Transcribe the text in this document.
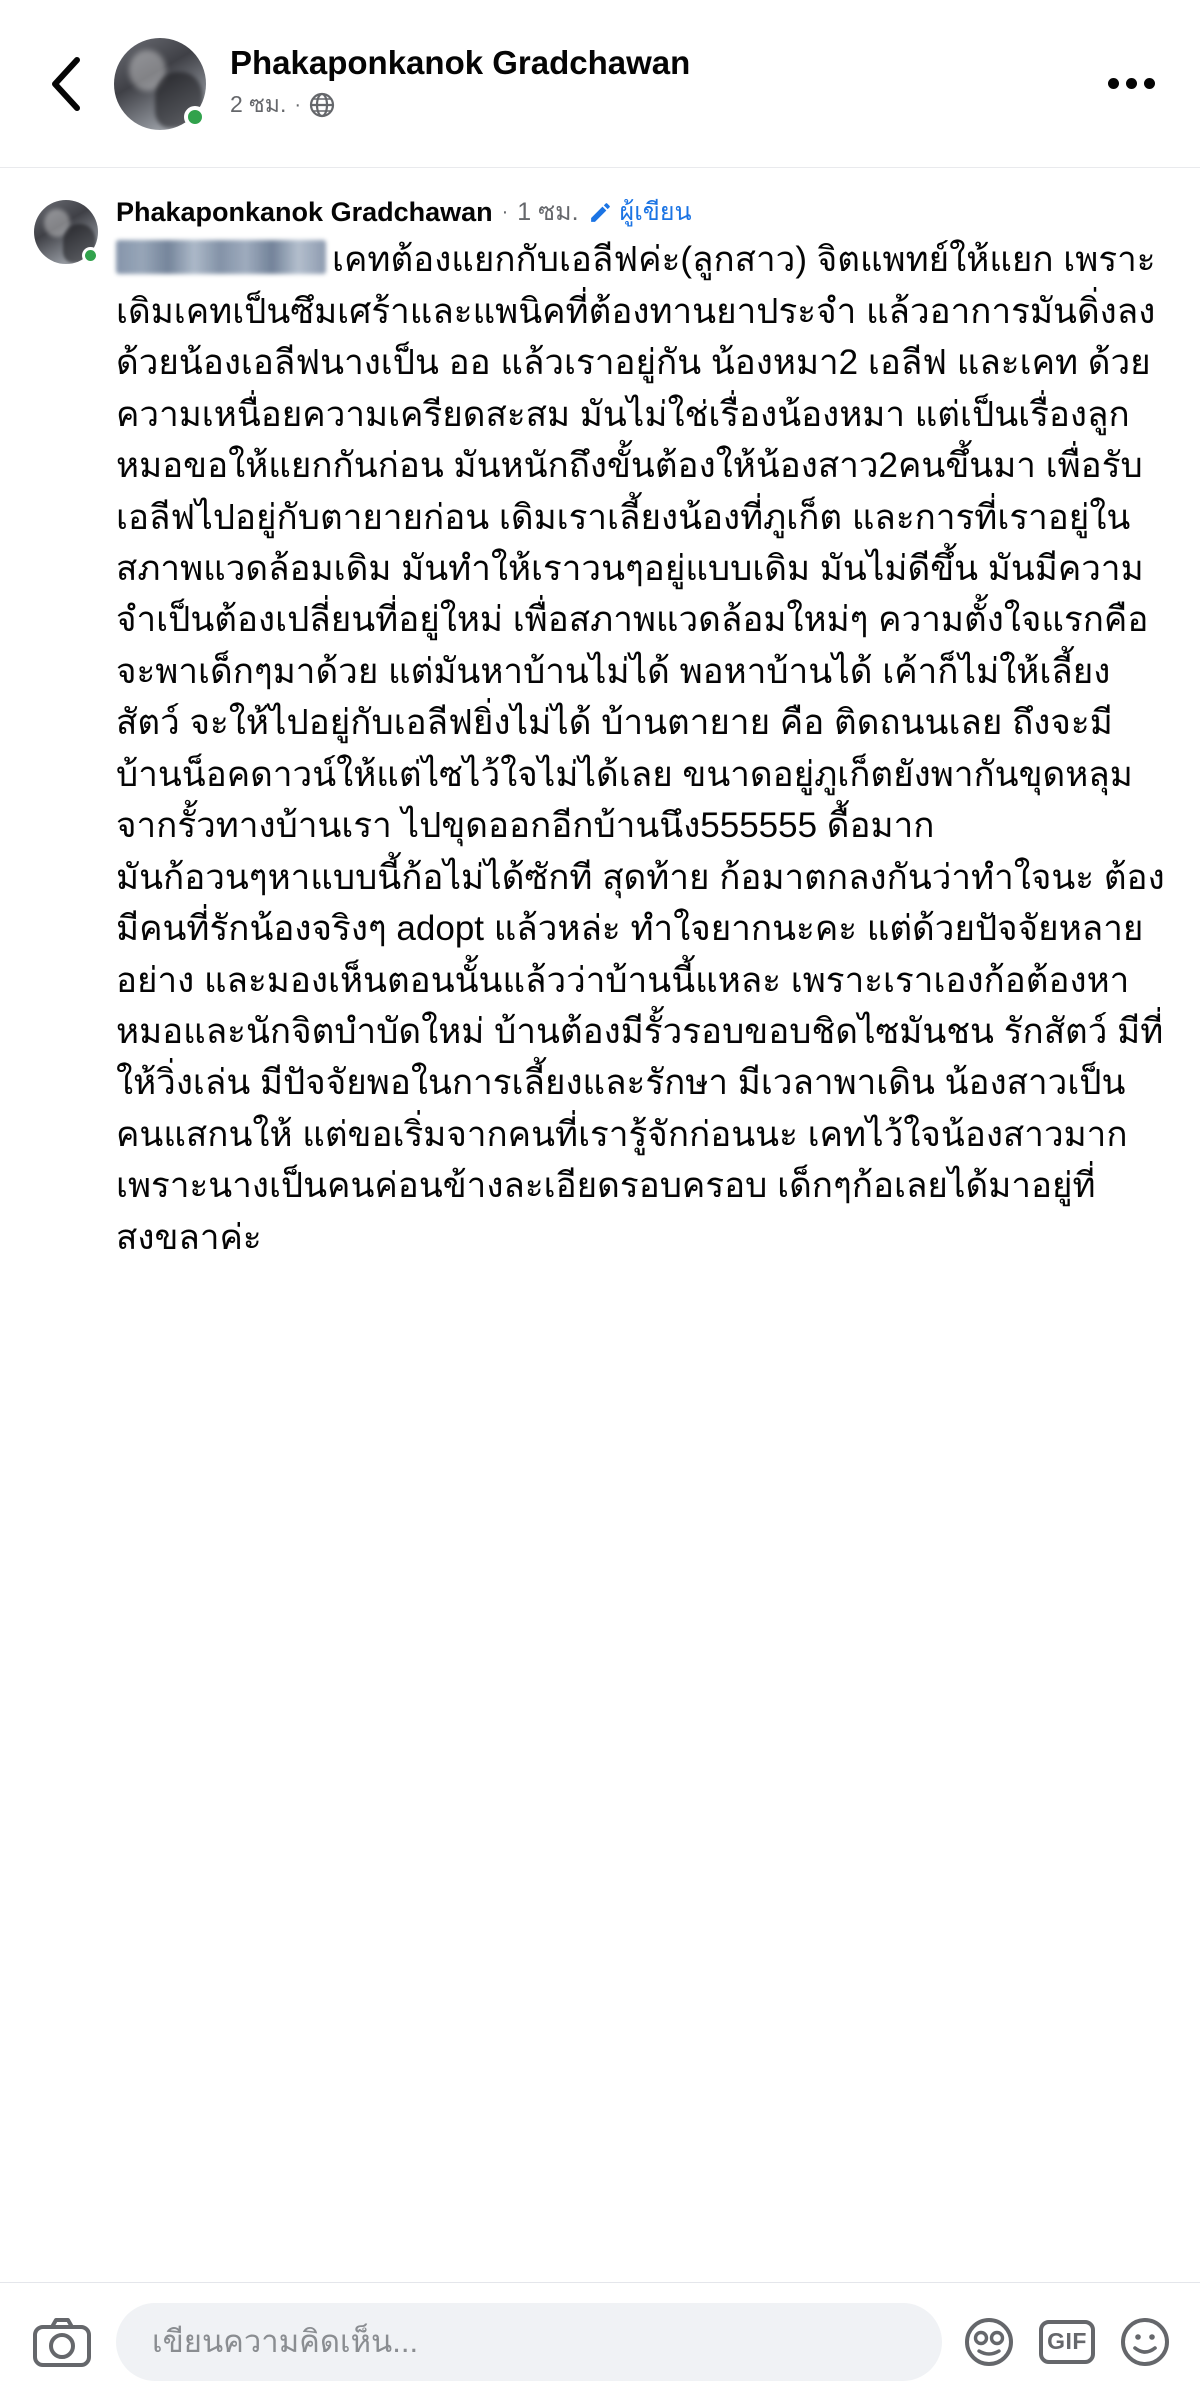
Phakaponkanok Gradchawan
2 ซม. ·
Phakaponkanok Gradchawan · 1 ซม. ผู้เขียน
เคทต้องแยกกับเอลีฟค่ะ(ลูกสาว) จิตแพทย์ให้แยก เพราะเดิมเคทเป็นซึมเศร้าและแพนิคที่ต้องทานยาประจำ แล้วอาการมันดิ่งลง ด้วยน้องเอลีฟนางเป็น ออ แล้วเราอยู่กัน น้องหมา2 เอลีฟ และเคท ด้วยความเหนื่อยความเครียดสะสม มันไม่ใช่เรื่องน้องหมา แต่เป็นเรื่องลูก หมอขอให้แยกกันก่อน มันหนักถึงขั้นต้องให้น้องสาว2คนขึ้นมา เพื่อรับเอลีฟไปอยู่กับตายายก่อน เดิมเราเลี้ยงน้องที่ภูเก็ต และการที่เราอยู่ในสภาพแวดล้อมเดิม มันทำให้เราวนๆอยู่แบบเดิม มันไม่ดีขึ้น มันมีความจำเป็นต้องเปลี่ยนที่อยู่ใหม่ เพื่อสภาพแวดล้อมใหม่ๆ ความตั้งใจแรกคือจะพาเด็กๆมาด้วย แต่มันหาบ้านไม่ได้ พอหาบ้านได้ เค้าก็ไม่ให้เลี้ยงสัตว์ จะให้ไปอยู่กับเอลีฟยิ่งไม่ได้ บ้านตายาย คือ ติดถนนเลย ถึงจะมีบ้านน็อคดาวน์ให้แต่ไซไว้ใจไม่ได้เลย ขนาดอยู่ภูเก็ตยังพากันขุดหลุม จากรั้วทางบ้านเรา ไปขุดออกอีกบ้านนึง555555 ดื้อมาก
มันก้อวนๆหาแบบนี้ก้อไม่ได้ซักที สุดท้าย ก้อมาตกลงกันว่าทำใจนะ ต้องมีคนที่รักน้องจริงๆ adopt แล้วหล่ะ ทำใจยากนะคะ แต่ด้วยปัจจัยหลายอย่าง และมองเห็นตอนนั้นแล้วว่าบ้านนี้แหละ เพราะเราเองก้อต้องหาหมอและนักจิตบำบัดใหม่ บ้านต้องมีรั้วรอบขอบชิดไซมันชน รักสัตว์ มีที่ให้วิ่งเล่น มีปัจจัยพอในการเลี้ยงและรักษา มีเวลาพาเดิน น้องสาวเป็นคนแสกนให้ แต่ขอเริ่มจากคนที่เรารู้จักก่อนนะ เคทไว้ใจน้องสาวมากเพราะนางเป็นคนค่อนข้างละเอียดรอบครอบ เด็กๆก้อเลยได้มาอยู่ที่สงขลาค่ะ
เขียนความคิดเห็น...
GIF
